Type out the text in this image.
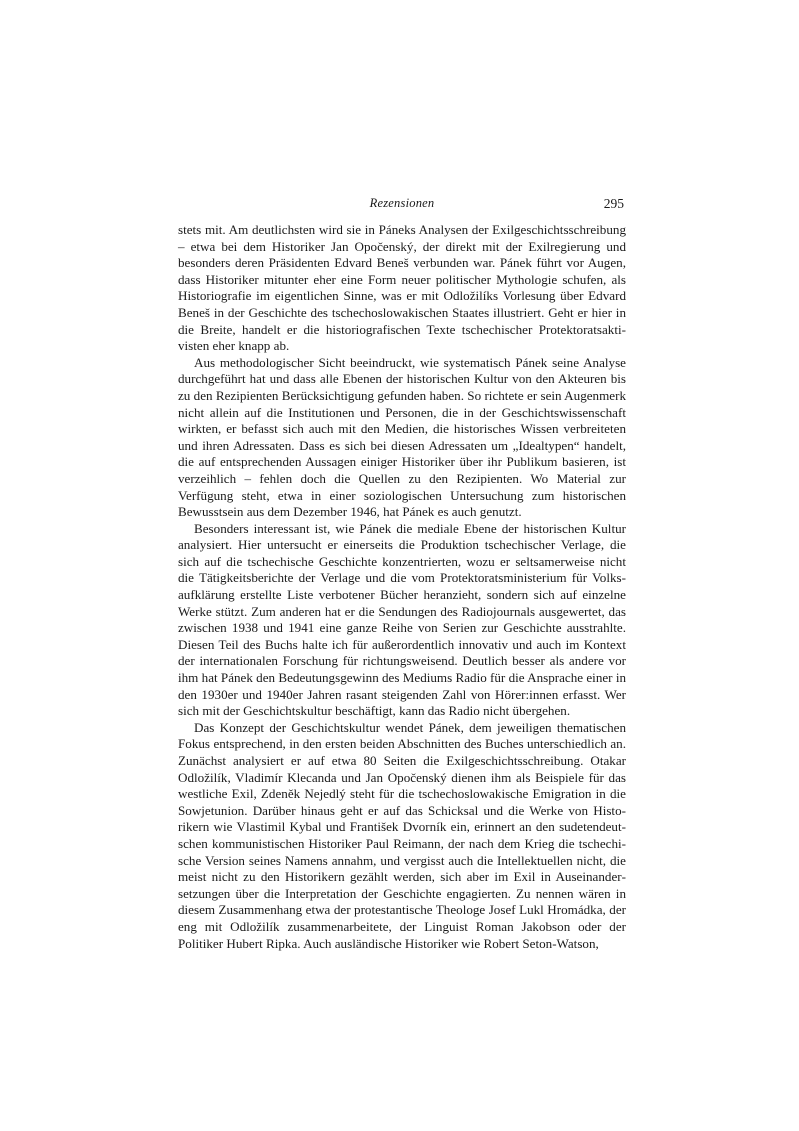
Rezensionen	295

stets mit. Am deutlichsten wird sie in Páneks Analysen der Exilgeschichtsschreibung – etwa bei dem Historiker Jan Opočenský, der direkt mit der Exilregierung und besonders deren Präsidenten Edvard Beneš verbunden war. Pánek führt vor Augen, dass Historiker mitunter eher eine Form neuer politischer Mythologie schufen, als Historiografie im eigentlichen Sinne, was er mit Odložilíks Vorlesung über Edvard Beneš in der Geschichte des tschechoslowakischen Staates illustriert. Geht er hier in die Breite, handelt er die historiografischen Texte tschechischer Protektoratsaktivisten eher knapp ab.

Aus methodologischer Sicht beeindruckt, wie systematisch Pánek seine Analyse durchgeführt hat und dass alle Ebenen der historischen Kultur von den Akteuren bis zu den Rezipienten Berücksichtigung gefunden haben. So richtete er sein Augenmerk nicht allein auf die Institutionen und Personen, die in der Geschichtswissenschaft wirkten, er befasst sich auch mit den Medien, die historisches Wissen verbreiteten und ihren Adressaten. Dass es sich bei diesen Adressaten um „Idealtypen“ handelt, die auf entsprechenden Aussagen einiger Historiker über ihr Publikum basieren, ist verzeihlich – fehlen doch die Quellen zu den Rezipienten. Wo Material zur Verfügung steht, etwa in einer soziologischen Untersuchung zum historischen Bewusstsein aus dem Dezember 1946, hat Pánek es auch genutzt.

Besonders interessant ist, wie Pánek die mediale Ebene der historischen Kultur analysiert. Hier untersucht er einerseits die Produktion tschechischer Verlage, die sich auf die tschechische Geschichte konzentrierten, wozu er seltsamerweise nicht die Tätigkeitsberichte der Verlage und die vom Protektoratsministerium für Volksaufklärung erstellte Liste verbotener Bücher heranzieht, sondern sich auf einzelne Werke stützt. Zum anderen hat er die Sendungen des Radiojournals ausgewertet, das zwischen 1938 und 1941 eine ganze Reihe von Serien zur Geschichte ausstrahlte. Diesen Teil des Buchs halte ich für außerordentlich innovativ und auch im Kontext der internationalen Forschung für richtungsweisend. Deutlich besser als andere vor ihm hat Pánek den Bedeutungsgewinn des Mediums Radio für die Ansprache einer in den 1930er und 1940er Jahren rasant steigenden Zahl von Hörer:innen erfasst. Wer sich mit der Geschichtskultur beschäftigt, kann das Radio nicht übergehen.

Das Konzept der Geschichtskultur wendet Pánek, dem jeweiligen thematischen Fokus entsprechend, in den ersten beiden Abschnitten des Buches unterschiedlich an. Zunächst analysiert er auf etwa 80 Seiten die Exilgeschichtsschreibung. Otakar Odložilík, Vladimír Klecanda und Jan Opočenský dienen ihm als Beispiele für das westliche Exil, Zdeněk Nejedlý steht für die tschechoslowakische Emigration in die Sowjetunion. Darüber hinaus geht er auf das Schicksal und die Werke von Historikern wie Vlastimil Kybal und František Dvorník ein, erinnert an den sudetendeutschen kommunistischen Historiker Paul Reimann, der nach dem Krieg die tschechische Version seines Namens annahm, und vergisst auch die Intellektuellen nicht, die meist nicht zu den Historikern gezählt werden, sich aber im Exil in Auseinandersetzungen über die Interpretation der Geschichte engagierten. Zu nennen wären in diesem Zusammenhang etwa der protestantische Theologe Josef Lukl Hromádka, der eng mit Odložilík zusammenarbeitete, der Linguist Roman Jakobson oder der Politiker Hubert Ripka. Auch ausländische Historiker wie Robert Seton-Watson,
